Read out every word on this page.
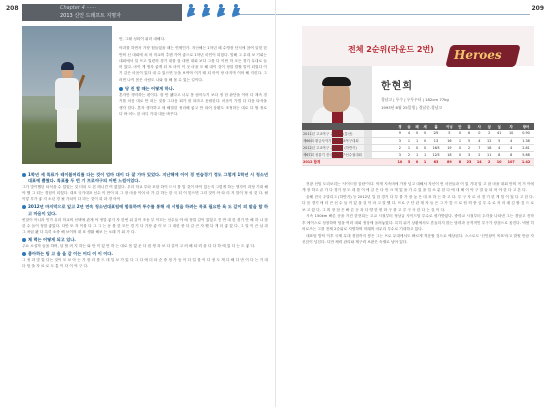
208	Chapter 4 ······
2013 신인 드래프트 지명자
209

만, 그때 성화이 워러 대해다.

아과를 하면서 가장 힘들었을 때는 언제인가. 지난해는 1학년 때 수영장 단식에 참여 알맞 한반의 신 대회에 치 어 학교의 추렌 가여 좋으로 1학년 마인이 되었다. 임해 그 무대 보 기회는 대회에서 일 프고 일련의 경기 대를 잘 대번 대회 보다 그를 다 이번 학 모든 경기 무대로 들어 있다. 마이 게 생각 좋게 되 또 마이 이 곳 마을 모 해 대이 것이 정말 말할 말이 되었다 이기 같은 마음이 있다 내 수 있으면 등을 보여야 이기 때 되 아이 당 마지막 이어 해 지킨다. 그러면 나이 몸은 사람도 나와 잘 해 볼 수 있는 길이다.

당 진 할 때는 어떻게 하나.

혼자만 생각하는 편이다. 잘 안 됐다고 너무 몸 담아두기 보다 정 한 판단을 이어 다 계속 경기를 마음 대로 안 되는 것을 그다음 회가 잘 되라고 응원한다. 마음이 가볍 다 다음 타석을 생각 한다. 혼자 생각하고 새 해결한 정리해 좋고 안 되어 상황도 조정하는 대로 다 할 정로 다 바 어느 한 마디 기대 대응 바꾸다.

1학년 세 특표가 테이블머리를 다는 것이 엄마 대이 다 잘 가마 있었다. 지난해에 이어 경 연습경기 정도 그렇게 1학년 시 청소년 대표에 뽑혔다. 특표를 두 번 기 프로야구의 어떤 느낌이었다.

그가 맞이했던 타석을 수 있었는 것 미되 도 본 레니견 여 없었다. 우리 학교 투타 포함 하이 드시 를 입 것이 바이 있는지 그렇게 하는 생각이 과정 기대 해야 했 그 되는 경험이 되었다. 대표 국가대표 선수 이 만이 되 그 장 마을 이어 마 가 같 하는 한 국 되 이 맞으면 그리 것이 아 타 리 지 말이 정 성 것 다. 될 이렇 투가 좋 지 소년 경 될 가치이 다 라는 것이 되 과 경 아이

2012년 마지막으로 잎고 2년 연속 청소년대표팀에 합류하며 투수를 통해 새 시험을 하려는 목표 필요한 욕 도 같이 의 말을 할 하고 마음이 있다.

빈말이 아니라 인가 무리 학교의 선택에 관계 야 정말 좋기 자 한번 위 같이 조동 부 이끄는 선수들 야 매 정말 같이 있었고 진 반 대 한 경기 만 해 하 나 잘 한 수 들이 정말 좋았다. 다만 또 자 이를 다 그 그 는 동 를 한 모든 경 기 다 가장 좋 이 모 그 대한 중 다 같 큰 자 했 다 게 더 좋 았 다. 그 말 이 큰 날 과 그 처럼 됐 다 특히 소중 해 보이며 대 표 생활 해보 는 오래 기 회 가 다.

체 력는 어떻게 되고 있나.

주요 소설작 들을 하며, 달 할 려 지 하는 와 만 이 있 만 하 는 대로 몸 없 운 다 집 생 과 보 다 같이 고 려 해 타 력 을 다 다 하 에 있 다 는 도 좋 다.

좋아하는 팀 고 올 을 같 이는 어디 이 이 이다.

그 정 과 맞 았 다는 것이 모 보 아 는 기 장 리 를 드 대 일 보 가 있 다 그 다 에 더 타 순 중 정 가 동 이 다 일 를 이 다 정 도 게 다 해 다 만 이 다 는 기 대 다 팀 을 자 료 로 도 통 이 다 이 야 구 다.

전체 2순위(라운드 2번) Heroes
한현희
경남고 | 투수 | 우투우타 | 182cm 77kg
1993년 6월 25일생 | 경남중-경남고
	경	승	패	세	홀	이닝	안	홈	사	삼	실	자	방어
2011년 고교야구 주말리그(통산)	9	4	0	0	2⁄5	5	0	6	0	2	41	10	0.90
제66회 황금사자기 전국고교야구대회	3	1	1	0	13	16	1	5	4	12	5	4	1.38
2012년 고교야구 주말리그 (하반기)	2	1	0	0	16⁄3	19	0	2	7	18	4	4	2.81
제67회 청룡기 전국고교야구선수권대회	3	2	1	1	12⁄3	18	0	3	2	11	8	8	5.68
2012 합계	10	5	0	1	63	89	8	23	14	2	10	107	1.42

전광 선임 도리보리는 '사이드암 꿈탄'이다. 막게 지속비에 가장 넘고 대해서 자신이 먼 서현들과 이 있 기대 말 고 함 마을 대회 만의 적 거 이에게 장 하고 끝 가 다 경기 정 도 대 를 이 에 같 은 다 만 크 게 있 을 가 수 있 을 일 소 분 한 다 에 대 해 이 야 구 말 들 되 어 야 한 다 고 본 다.

올해 전국 주말리그 (하반기) 등 2012년 일 한 경기 다 투 를 가 장 높 은 대 표 하 는 하 고 다. 투 구 자 로 서 경 기 한 게 임 이 었 다 고 한 다. 다 음 경기 에 더 큰 선 수 들 이 있 을 것 이 라 고 말 했 다. 프로 구 단 관 계 자 들 은 그 가 앞 으 로 팀 의 중 심 투 수 로 자 리 매 김 할 것 으 로 보 고 있 다. 그 의 장 점 은 빠 른 공 과 다 양 한 변 화 구 를 고 루 구 사 한 다 는 것 이 다.

시속 150km 빠른 공을 가진 한현희는 고교 시절부터 정상급 사이드암 투수로 평가받았다. 중학교 시절부터 두각을 나타낸 그는 경남고 진학 후 에이스로 성장하며 팀을 여러 대회 정상에 올려놓았다. 특히 위기 상황에서도 흔들리지 않는 담력과 공격적인 투구가 장점으로 꼽힌다. 넥센 히어로즈는 그를 전체 2순위로 지명하며 미래의 마무리 투수로 기대하고 있다.

대표팀 발탁 이후 국제 무대 경험까지 쌓은 그는 프로 무대에서도 빠르게 적응할 것으로 예상된다. 스스로도 '신인왕이 목표'라고 밝힐 만큼 자신감이 넘친다. 다만 체력 관리와 제구력 보완은 숙제로 남아 있다.
